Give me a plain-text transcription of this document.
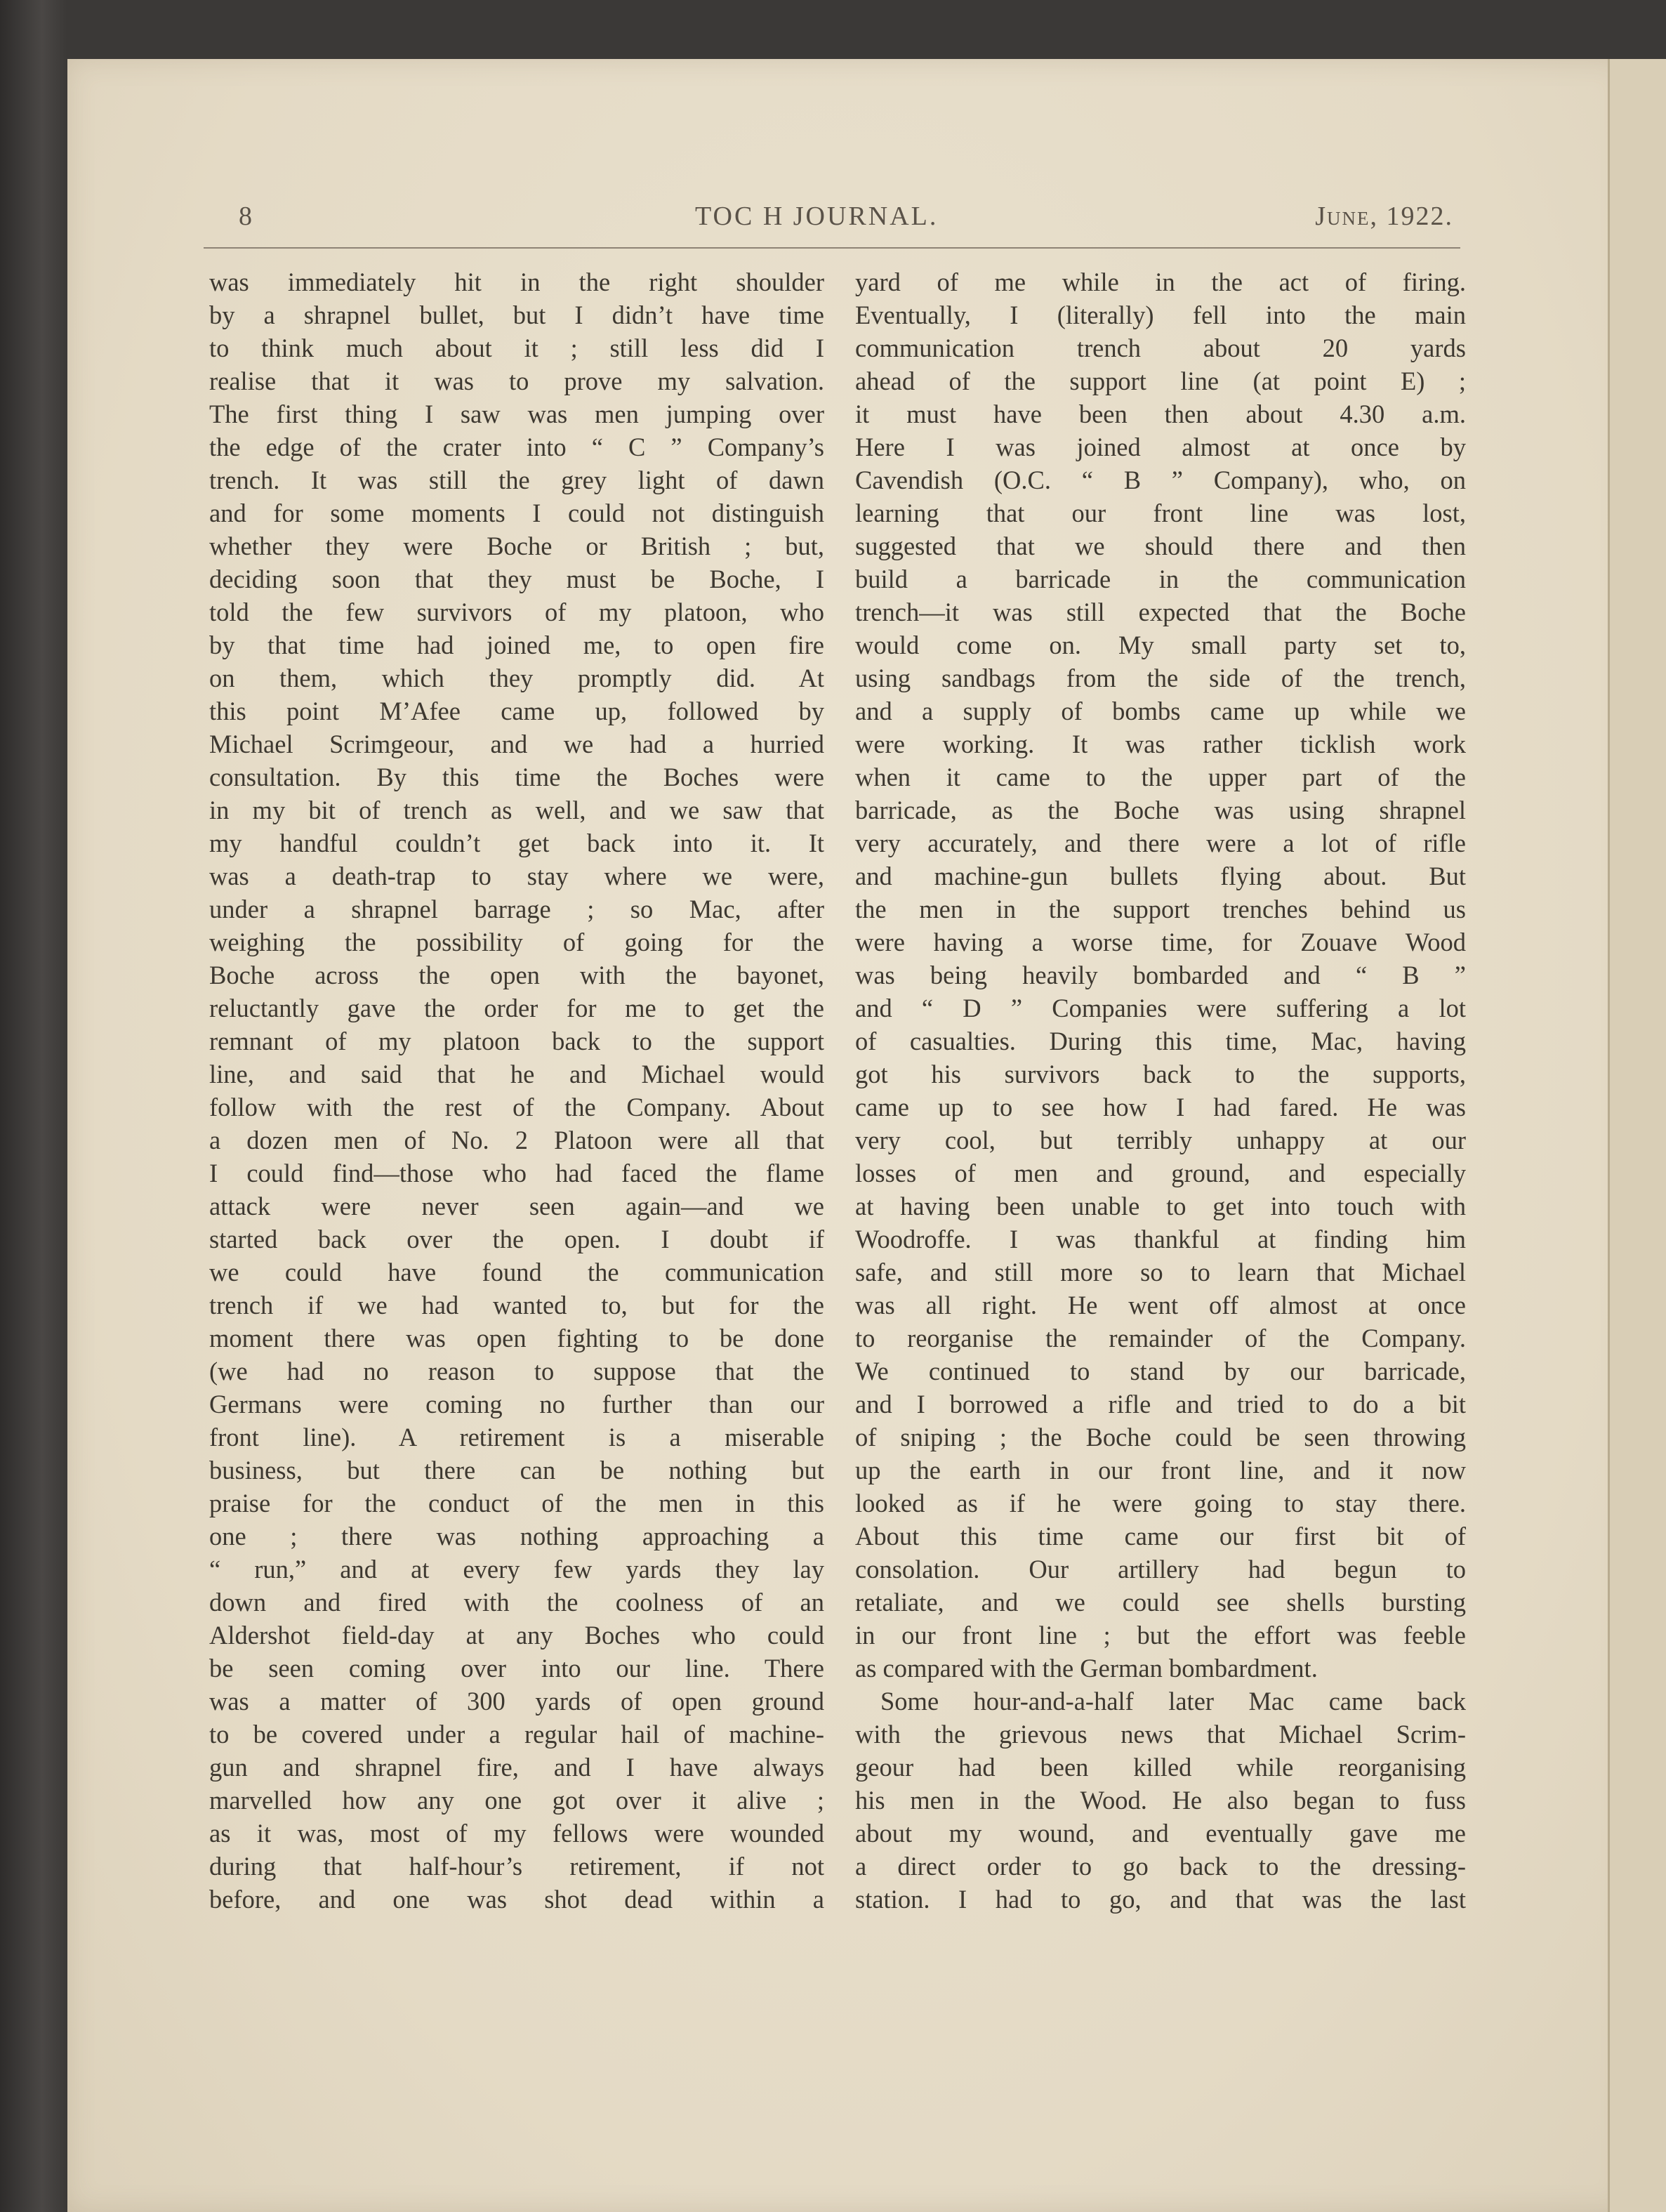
8	TOC H JOURNAL.	June, 1922.

was immediately hit in the right shoulder

by a shrapnel bullet, but I didn’t have time

to think much about it ; still less did I

realise that it was to prove my salvation.

The first thing I saw was men jumping over

the edge of the crater into “ C ” Company’s

trench. It was still the grey light of dawn

and for some moments I could not distinguish

whether they were Boche or British ; but,

deciding soon that they must be Boche, I

told the few survivors of my platoon, who

by that time had joined me, to open fire

on them, which they promptly did. At

this point M’Afee came up, followed by

Michael Scrimgeour, and we had a hurried

consultation. By this time the Boches were

in my bit of trench as well, and we saw that

my handful couldn’t get back into it. It

was a death-trap to stay where we were,

under a shrapnel barrage ; so Mac, after

weighing the possibility of going for the

Boche across the open with the bayonet,

reluctantly gave the order for me to get the

remnant of my platoon back to the support

line, and said that he and Michael would

follow with the rest of the Company. About

a dozen men of No. 2 Platoon were all that

I could find—those who had faced the flame

attack were never seen again—and we

started back over the open. I doubt if

we could have found the communication

trench if we had wanted to, but for the

moment there was open fighting to be done

(we had no reason to suppose that the

Germans were coming no further than our

front line). A retirement is a miserable

business, but there can be nothing but

praise for the conduct of the men in this

one ; there was nothing approaching a

“ run,” and at every few yards they lay

down and fired with the coolness of an

Aldershot field-day at any Boches who could

be seen coming over into our line. There

was a matter of 300 yards of open ground

to be covered under a regular hail of machine-

gun and shrapnel fire, and I have always

marvelled how any one got over it alive ;

as it was, most of my fellows were wounded

during that half-hour’s retirement, if not

before, and one was shot dead within a

yard of me while in the act of firing.

Eventually, I (literally) fell into the main

communication trench about 20 yards

ahead of the support line (at point E) ;

it must have been then about 4.30 a.m.

Here I was joined almost at once by

Cavendish (O.C. “ B ” Company), who, on

learning that our front line was lost,

suggested that we should there and then

build a barricade in the communication

trench—it was still expected that the Boche

would come on. My small party set to,

using sandbags from the side of the trench,

and a supply of bombs came up while we

were working. It was rather ticklish work

when it came to the upper part of the

barricade, as the Boche was using shrapnel

very accurately, and there were a lot of rifle

and machine-gun bullets flying about. But

the men in the support trenches behind us

were having a worse time, for Zouave Wood

was being heavily bombarded and “ B ”

and “ D ” Companies were suffering a lot

of casualties. During this time, Mac, having

got his survivors back to the supports,

came up to see how I had fared. He was

very cool, but terribly unhappy at our

losses of men and ground, and especially

at having been unable to get into touch with

Woodroffe. I was thankful at finding him

safe, and still more so to learn that Michael

was all right. He went off almost at once

to reorganise the remainder of the Company.

We continued to stand by our barricade,

and I borrowed a rifle and tried to do a bit

of sniping ; the Boche could be seen throwing

up the earth in our front line, and it now

looked as if he were going to stay there.

About this time came our first bit of

consolation. Our artillery had begun to

retaliate, and we could see shells bursting

in our front line ; but the effort was feeble

as compared with the German bombardment.

Some hour-and-a-half later Mac came back

with the grievous news that Michael Scrim-

geour had been killed while reorganising

his men in the Wood. He also began to fuss

about my wound, and eventually gave me

a direct order to go back to the dressing-

station. I had to go, and that was the last
